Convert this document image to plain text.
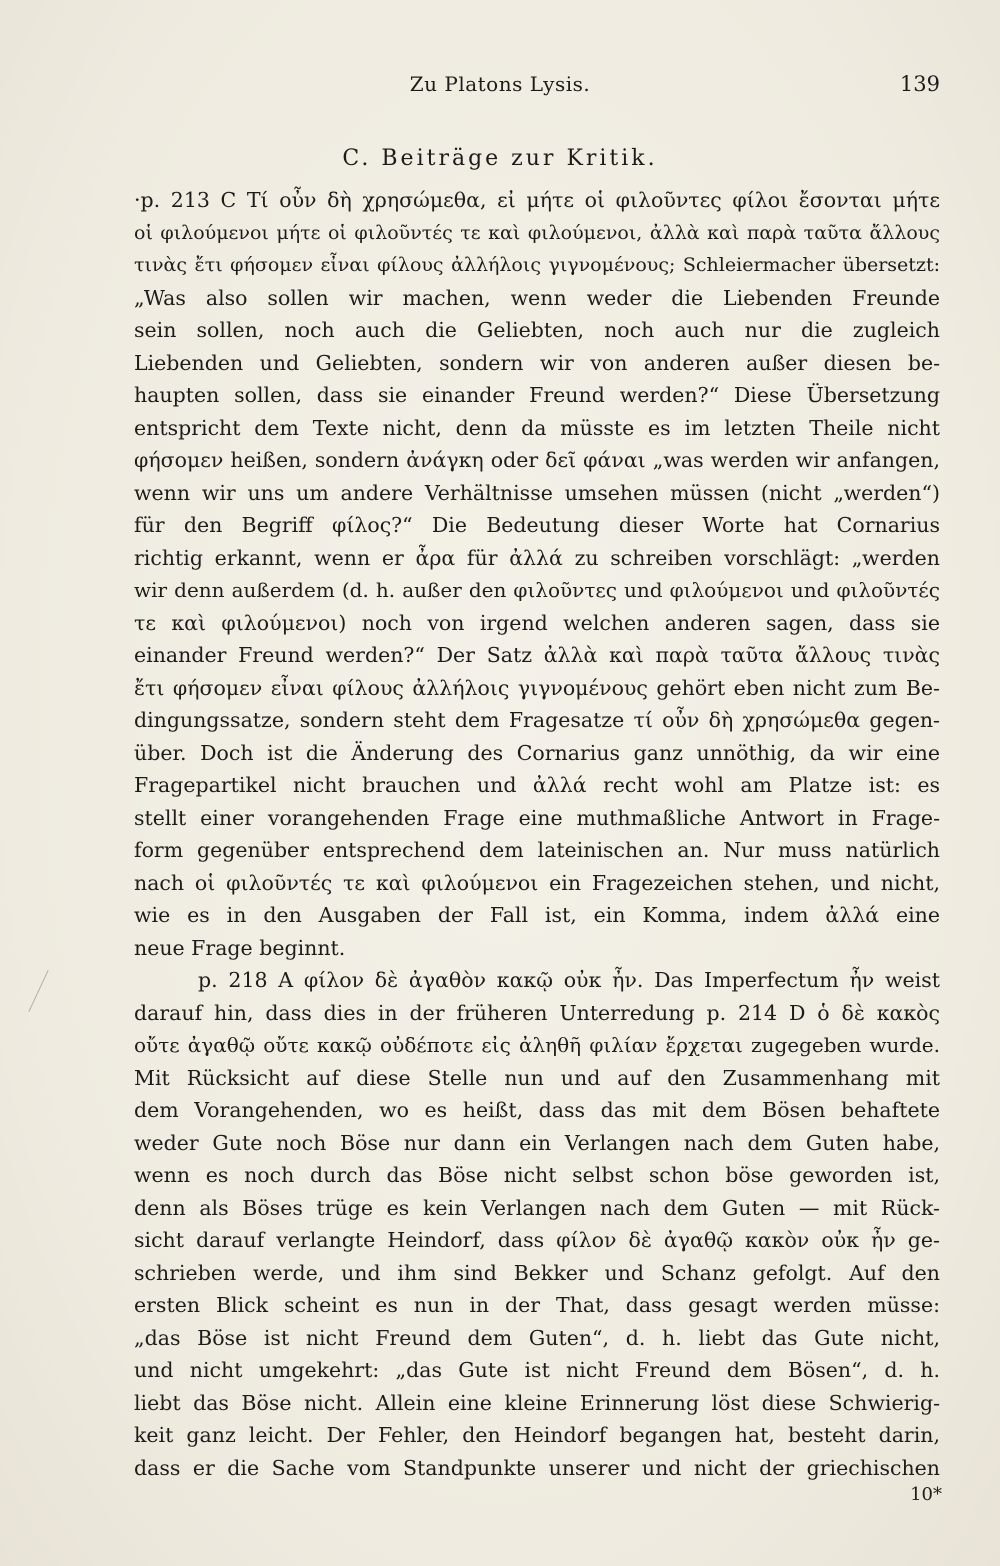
Zu Platons Lysis.	139
C. Beiträge zur Kritik.
·p. 213 C Τί οὖν δὴ χρησώμεθα, εἰ μήτε οἱ φιλοῦντες φίλοι ἔσονται μήτε
οἱ φιλούμενοι μήτε οἱ φιλοῦντές τε καὶ φιλούμενοι, ἀλλὰ καὶ παρὰ ταῦτα ἄλλους
τινὰς ἔτι φήσομεν εἶναι φίλους ἀλλήλοις γιγνομένους; Schleiermacher übersetzt:
„Was also sollen wir machen, wenn weder die Liebenden Freunde
sein sollen, noch auch die Geliebten, noch auch nur die zugleich
Liebenden und Geliebten, sondern wir von anderen außer diesen be-
haupten sollen, dass sie einander Freund werden?“ Diese Übersetzung
entspricht dem Texte nicht, denn da müsste es im letzten Theile nicht
φήσομεν heißen, sondern ἀνάγκη oder δεῖ φάναι „was werden wir anfangen,
wenn wir uns um andere Verhältnisse umsehen müssen (nicht „werden“)
für den Begriff φίλος?“ Die Bedeutung dieser Worte hat Cornarius
richtig erkannt, wenn er ἆρα für ἀλλά zu schreiben vorschlägt: „werden
wir denn außerdem (d. h. außer den φιλοῦντες und φιλούμενοι und φιλοῦντές
τε καὶ φιλούμενοι) noch von irgend welchen anderen sagen, dass sie
einander Freund werden?“ Der Satz ἀλλὰ καὶ παρὰ ταῦτα ἄλλους τινὰς
ἔτι φήσομεν εἶναι φίλους ἀλλήλοις γιγνομένους gehört eben nicht zum Be-
dingungssatze, sondern steht dem Fragesatze τί οὖν δὴ χρησώμεθα gegen-
über. Doch ist die Änderung des Cornarius ganz unnöthig, da wir eine
Fragepartikel nicht brauchen und ἀλλά recht wohl am Platze ist: es
stellt einer vorangehenden Frage eine muthmaßliche Antwort in Frage-
form gegenüber entsprechend dem lateinischen an. Nur muss natürlich
nach οἱ φιλοῦντές τε καὶ φιλούμενοι ein Fragezeichen stehen, und nicht,
wie es in den Ausgaben der Fall ist, ein Komma, indem ἀλλά eine
neue Frage beginnt.
p. 218 A φίλον δὲ ἀγαθὸν κακῷ οὐκ ἦν. Das Imperfectum ἦν weist
darauf hin, dass dies in der früheren Unterredung p. 214 D ὁ δὲ κακὸς
οὔτε ἀγαθῷ οὔτε κακῷ οὐδέποτε εἰς ἀληθῆ φιλίαν ἔρχεται zugegeben wurde.
Mit Rücksicht auf diese Stelle nun und auf den Zusammenhang mit
dem Vorangehenden, wo es heißt, dass das mit dem Bösen behaftete
weder Gute noch Böse nur dann ein Verlangen nach dem Guten habe,
wenn es noch durch das Böse nicht selbst schon böse geworden ist,
denn als Böses trüge es kein Verlangen nach dem Guten — mit Rück-
sicht darauf verlangte Heindorf, dass φίλον δὲ ἀγαθῷ κακὸν οὐκ ἦν ge-
schrieben werde, und ihm sind Bekker und Schanz gefolgt. Auf den
ersten Blick scheint es nun in der That, dass gesagt werden müsse:
„das Böse ist nicht Freund dem Guten“, d. h. liebt das Gute nicht,
und nicht umgekehrt: „das Gute ist nicht Freund dem Bösen“, d. h.
liebt das Böse nicht. Allein eine kleine Erinnerung löst diese Schwierig-
keit ganz leicht. Der Fehler, den Heindorf begangen hat, besteht darin,
dass er die Sache vom Standpunkte unserer und nicht der griechischen
10*
